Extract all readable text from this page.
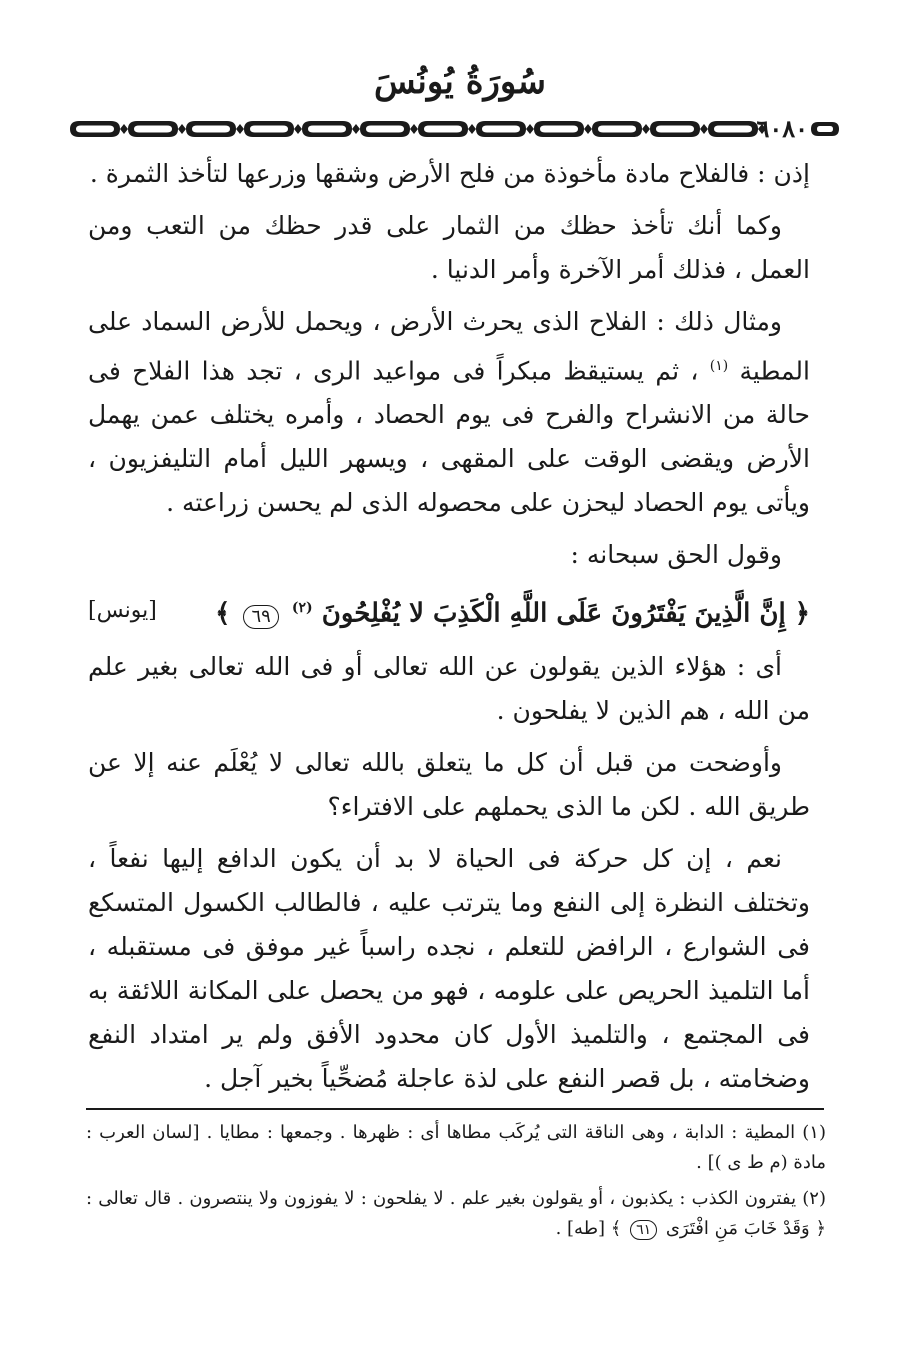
سُورَةُ يُونُسَ
٦٠٨٠

إذن : فالفلاح مادة مأخوذة من فلح الأرض وشقها وزرعها لتأخذ الثمرة .

وكما أنك تأخذ حظك من الثمار على قدر حظك من التعب ومن العمل ، فذلك أمر الآخرة وأمر الدنيا .

ومثال ذلك : الفلاح الذى يحرث الأرض ، ويحمل للأرض السماد على المطية $^{(١)}$ ، ثم يستيقظ مبكراً فى مواعيد الرى ، تجد هذا الفلاح فى حالة من الانشراح والفرح فى يوم الحصاد ، وأمره يختلف عمن يهمل الأرض ويقضى الوقت على المقهى ، ويسهر الليل أمام التليفزيون ، ويأتى يوم الحصاد ليحزن على محصوله الذى لم يحسن زراعته .

وقول الحق سبحانه :

﴿ إِنَّ الَّذِينَ يَفْتَرُونَ عَلَى اللَّهِ الْكَذِبَ لا يُفْلِحُونَ $^{(٢)}$ ٦٩ ﴾
[يونس]

أى : هؤلاء الذين يقولون عن الله تعالى أو فى الله تعالى بغير علم من الله ، هم الذين لا يفلحون .

وأوضحت من قبل أن كل ما يتعلق بالله تعالى لا يُعْلَم عنه إلا عن طريق الله . لكن ما الذى يحملهم على الافتراء؟

نعم ، إن كل حركة فى الحياة لا بد أن يكون الدافع إليها نفعاً ، وتختلف النظرة إلى النفع وما يترتب عليه ، فالطالب الكسول المتسكع فى الشوارع ، الرافض للتعلم ، نجده راسباً غير موفق فى مستقبله ، أما التلميذ الحريص على علومه ، فهو من يحصل على المكانة اللائقة به فى المجتمع ، والتلميذ الأول كان محدود الأفق ولم ير امتداد النفع وضخامته ، بل قصر النفع على لذة عاجلة مُضحِّياً بخير آجل .

(١) المطية : الدابة ، وهى الناقة التى يُركَب مطاها أى : ظهرها . وجمعها : مطايا . [لسان العرب : مادة (م ط ى )] .

(٢) يفترون الكذب : يكذبون ، أو يقولون بغير علم . لا يفلحون : لا يفوزون ولا ينتصرون . قال تعالى : ﴿ وَقَدْ خَابَ مَنِ افْتَرَى ٦١ ﴾ [طه] .
